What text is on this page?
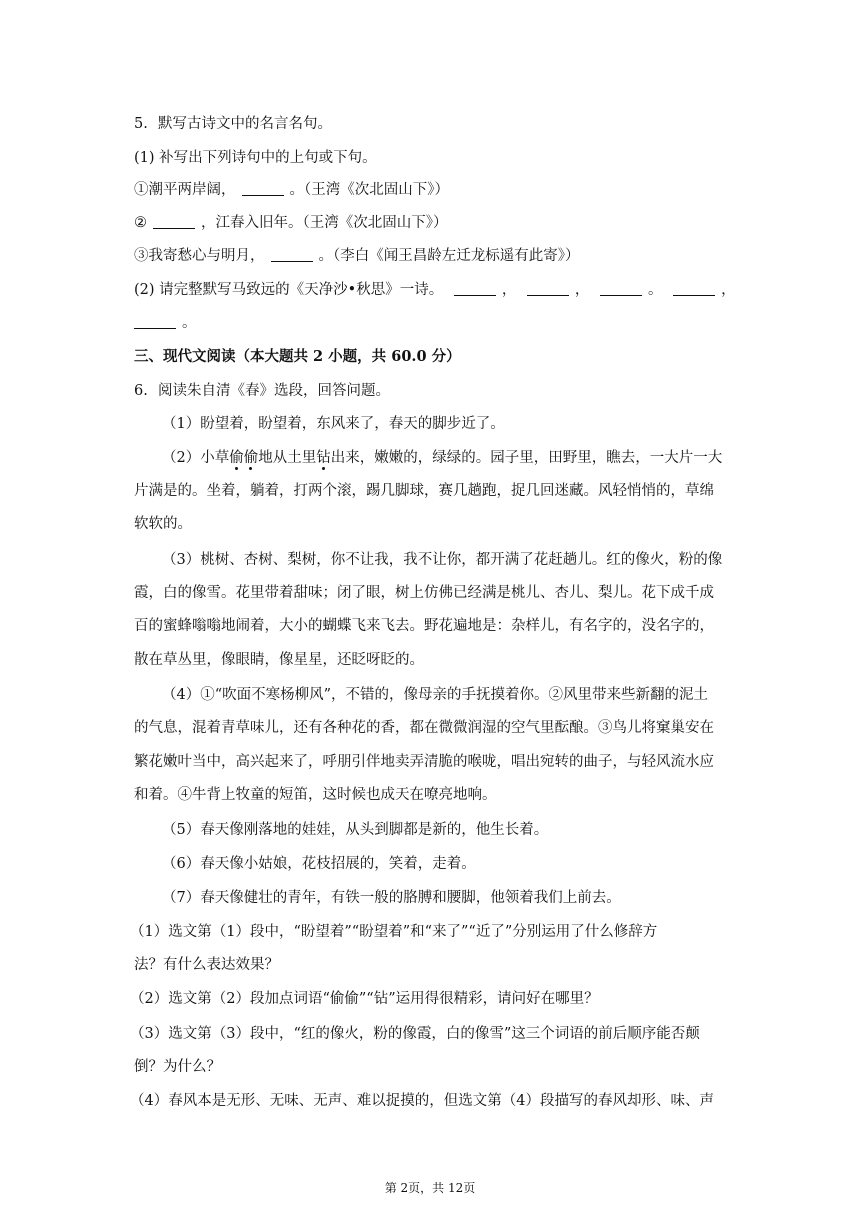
5. 默写古诗文中的名言名句。
(1) 补写出下列诗句中的上句或下句。
①潮平两岸阔，	。（王湾《次北固山下》）
②	，江春入旧年。（王湾《次北固山下》）
③我寄愁心与明月，	。（李白《闻王昌龄左迁龙标遥有此寄》）
(2) 请完整默写马致远的《天净沙•秋思》一诗。	，	，	。	，
。
三、现代文阅读（本大题共 2 小题，共 60.0 分）
6. 阅读朱自清《春》选段，回答问题。
（1）盼望着，盼望着，东风来了，春天的脚步近了。
（2）小草偷偷地从土里钻出来，嫩嫩的，绿绿的。园子里，田野里，瞧去，一大片一大
片满是的。坐着，躺着，打两个滚，踢几脚球，赛几趟跑，捉几回迷藏。风轻悄悄的，草绵
软软的。
（3）桃树、杏树、梨树，你不让我，我不让你，都开满了花赶趟儿。红的像火，粉的像
霞，白的像雪。花里带着甜味；闭了眼，树上仿佛已经满是桃儿、杏儿、梨儿。花下成千成
百的蜜蜂嗡嗡地闹着，大小的蝴蝶飞来飞去。野花遍地是：杂样儿，有名字的，没名字的，
散在草丛里，像眼睛，像星星，还眨呀眨的。
（4）①“吹面不寒杨柳风”，不错的，像母亲的手抚摸着你。②风里带来些新翻的泥土
的气息，混着青草味儿，还有各种花的香，都在微微润湿的空气里酝酿。③鸟儿将窠巢安在
繁花嫩叶当中，高兴起来了，呼朋引伴地卖弄清脆的喉咙，唱出宛转的曲子，与轻风流水应
和着。④牛背上牧童的短笛，这时候也成天在嘹亮地响。
（5）春天像刚落地的娃娃，从头到脚都是新的，他生长着。
（6）春天像小姑娘，花枝招展的，笑着，走着。
（7）春天像健壮的青年，有铁一般的胳膊和腰脚，他领着我们上前去。
（1）选文第（1）段中，“盼望着”“盼望着”和“来了”“近了”分别运用了什么修辞方
法？有什么表达效果？
（2）选文第（2）段加点词语“偷偷”“钻”运用得很精彩，请问好在哪里？
（3）选文第（3）段中，“红的像火，粉的像霞，白的像雪”这三个词语的前后顺序能否颠
倒？为什么？
（4）春风本是无形、无味、无声、难以捉摸的，但选文第（4）段描写的春风却形、味、声
第 2页，共 12页
